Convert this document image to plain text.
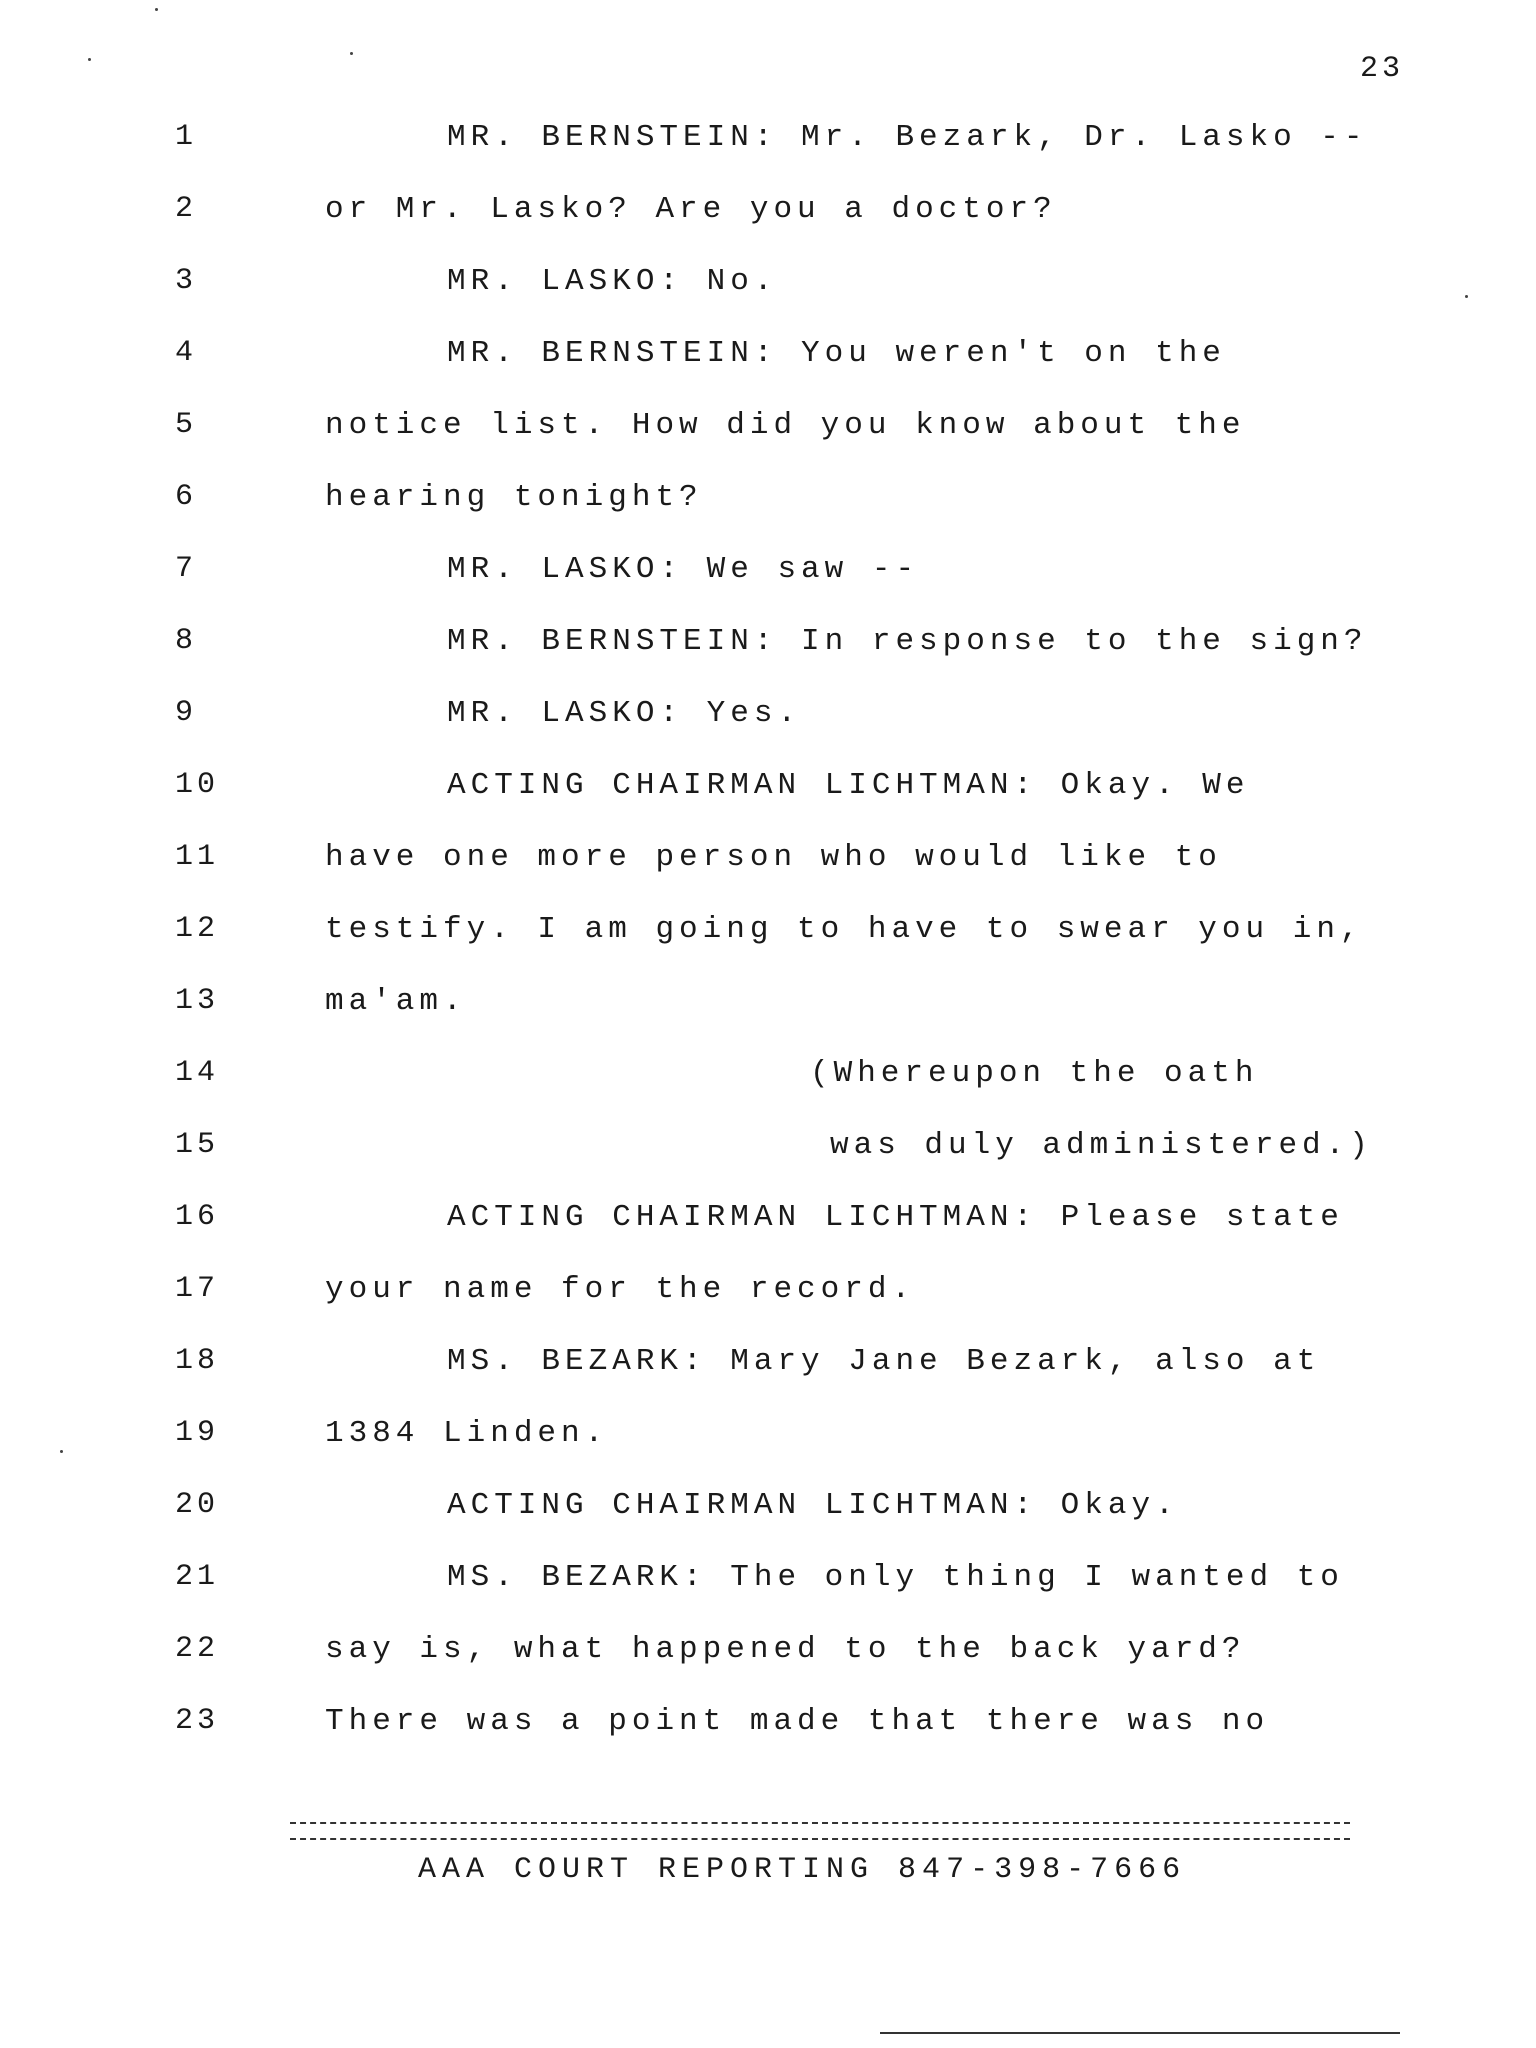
23
1	MR. BERNSTEIN: Mr. Bezark, Dr. Lasko --
2	or Mr. Lasko? Are you a doctor?
3	MR. LASKO: No.
4	MR. BERNSTEIN: You weren't on the
5	notice list. How did you know about the
6	hearing tonight?
7	MR. LASKO: We saw --
8	MR. BERNSTEIN: In response to the sign?
9	MR. LASKO: Yes.
10	ACTING CHAIRMAN LICHTMAN: Okay. We
11	have one more person who would like to
12	testify. I am going to have to swear you in,
13	ma'am.
14	(Whereupon the oath
15	was duly administered.)
16	ACTING CHAIRMAN LICHTMAN: Please state
17	your name for the record.
18	MS. BEZARK: Mary Jane Bezark, also at
19	1384 Linden.
20	ACTING CHAIRMAN LICHTMAN: Okay.
21	MS. BEZARK: The only thing I wanted to
22	say is, what happened to the back yard?
23	There was a point made that there was no
AAA COURT REPORTING 847-398-7666
